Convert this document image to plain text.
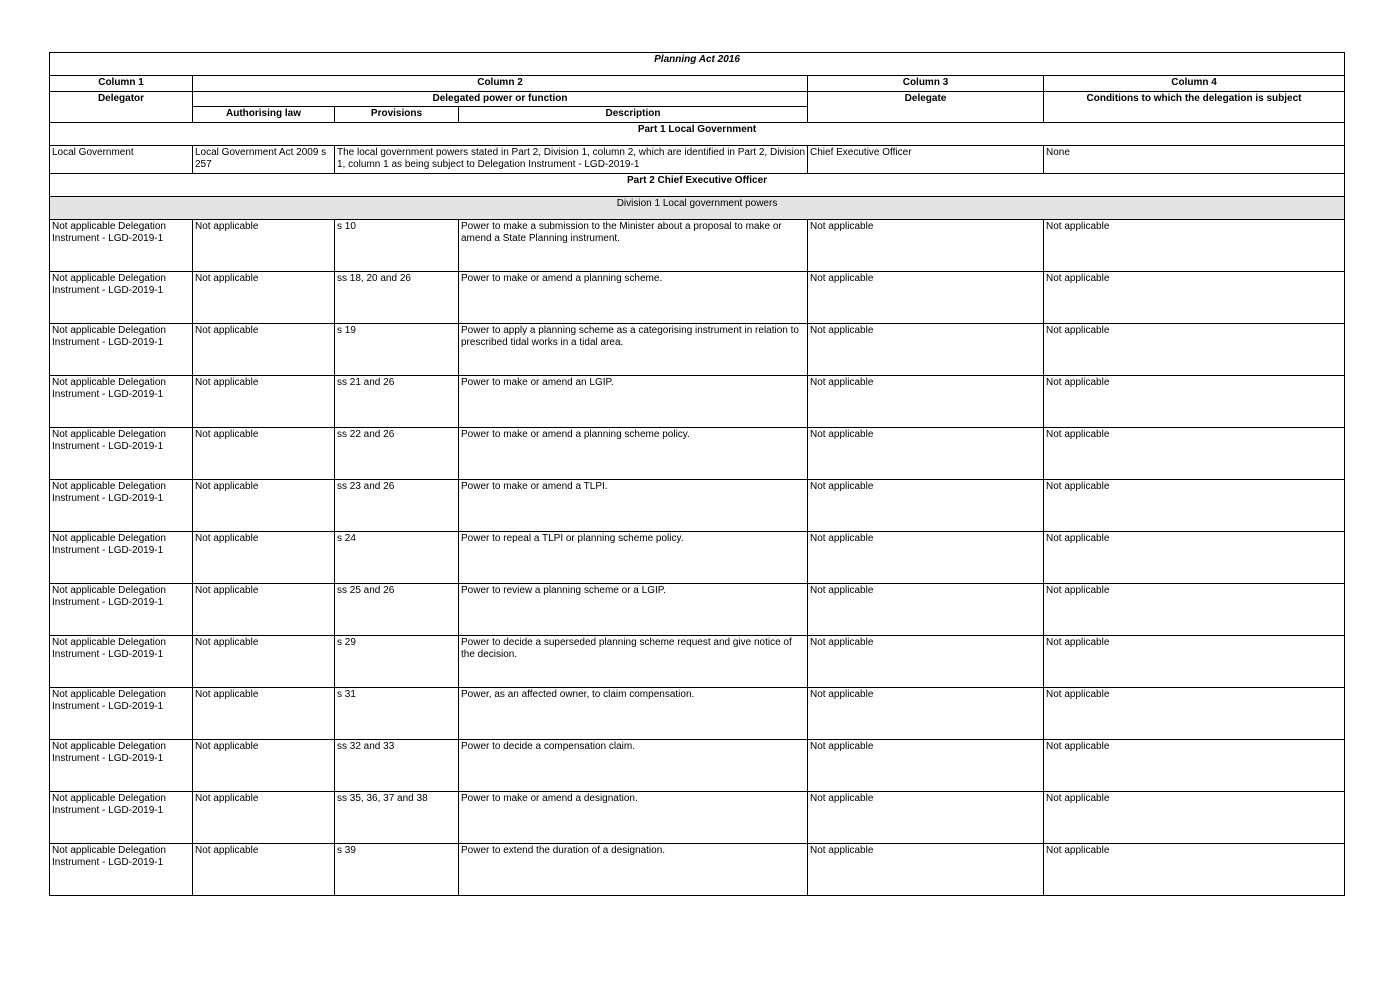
Planning Act 2016					
Column 1	Column 2			Column 3	Column 4
Delegator	Delegated power or function			Delegate	Conditions to which the delegation is subject
	Authorising law	Provisions	Description		
Part 1 Local Government					
Local Government	Local Government Act 2009 s 257	The local government powers stated in Part 2, Division 1, column 2, which are identified in Part 2, Division 1, column 1 as being subject to Delegation Instrument - LGD-2019-1		Chief Executive Officer	None
Part 2 Chief Executive Officer					
Division 1 Local government powers					
Not applicable Delegation Instrument - LGD-2019-1	Not applicable	s 10	Power to make a submission to the Minister about a proposal to make or amend a State Planning instrument.	Not applicable	Not applicable
Not applicable Delegation Instrument - LGD-2019-1	Not applicable	ss 18, 20 and 26	Power to make or amend a planning scheme.	Not applicable	Not applicable
Not applicable Delegation Instrument - LGD-2019-1	Not applicable	s 19	Power to apply a planning scheme as a categorising instrument in relation to prescribed tidal works in a tidal area.	Not applicable	Not applicable
Not applicable Delegation Instrument - LGD-2019-1	Not applicable	ss 21 and 26	Power to make or amend an LGIP.	Not applicable	Not applicable
Not applicable Delegation Instrument - LGD-2019-1	Not applicable	ss 22 and 26	Power to make or amend a planning scheme policy.	Not applicable	Not applicable
Not applicable Delegation Instrument - LGD-2019-1	Not applicable	ss 23 and 26	Power to make or amend a TLPI.	Not applicable	Not applicable
Not applicable Delegation Instrument - LGD-2019-1	Not applicable	s 24	Power to repeal a TLPI or planning scheme policy.	Not applicable	Not applicable
Not applicable Delegation Instrument - LGD-2019-1	Not applicable	ss 25 and 26	Power to review a planning scheme or a LGIP.	Not applicable	Not applicable
Not applicable Delegation Instrument - LGD-2019-1	Not applicable	s 29	Power to decide a superseded planning scheme request and give notice of the decision.	Not applicable	Not applicable
Not applicable Delegation Instrument - LGD-2019-1	Not applicable	s 31	Power, as an affected owner, to claim compensation.	Not applicable	Not applicable
Not applicable Delegation Instrument - LGD-2019-1	Not applicable	ss 32 and 33	Power to decide a compensation claim.	Not applicable	Not applicable
Not applicable Delegation Instrument - LGD-2019-1	Not applicable	ss 35, 36, 37 and 38	Power to make or amend a designation.	Not applicable	Not applicable
Not applicable Delegation Instrument - LGD-2019-1	Not applicable	s 39	Power to extend the duration of a designation.	Not applicable	Not applicable
